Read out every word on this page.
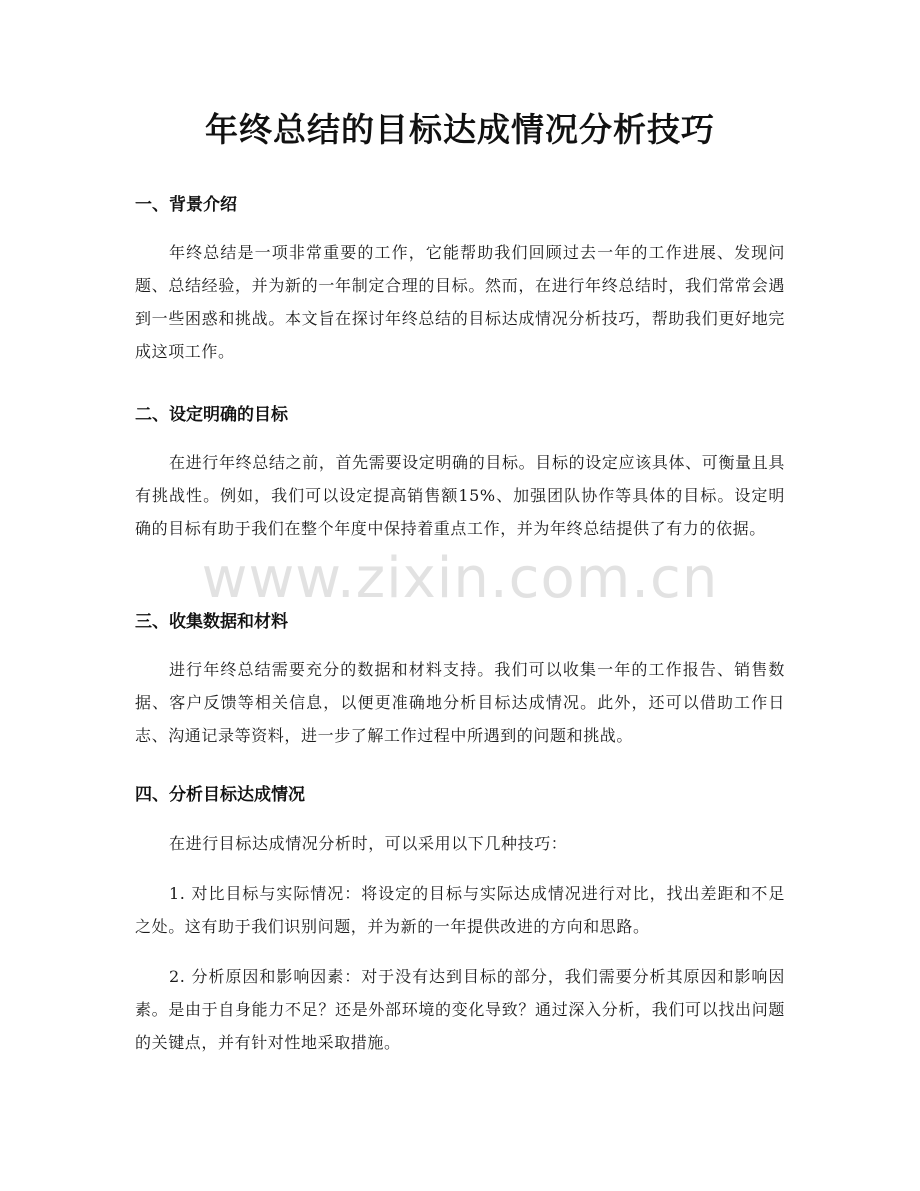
年终总结的目标达成情况分析技巧
一、背景介绍

年终总结是一项非常重要的工作，它能帮助我们回顾过去一年的工作进展、发现问题、总结经验，并为新的一年制定合理的目标。然而，在进行年终总结时，我们常常会遇到一些困惑和挑战。本文旨在探讨年终总结的目标达成情况分析技巧，帮助我们更好地完成这项工作。

二、设定明确的目标

在进行年终总结之前，首先需要设定明确的目标。目标的设定应该具体、可衡量且具有挑战性。例如，我们可以设定提高销售额15%、加强团队协作等具体的目标。设定明确的目标有助于我们在整个年度中保持着重点工作，并为年终总结提供了有力的依据。

三、收集数据和材料

进行年终总结需要充分的数据和材料支持。我们可以收集一年的工作报告、销售数据、客户反馈等相关信息，以便更准确地分析目标达成情况。此外，还可以借助工作日志、沟通记录等资料，进一步了解工作过程中所遇到的问题和挑战。

四、分析目标达成情况

在进行目标达成情况分析时，可以采用以下几种技巧：

1. 对比目标与实际情况：将设定的目标与实际达成情况进行对比，找出差距和不足之处。这有助于我们识别问题，并为新的一年提供改进的方向和思路。

2. 分析原因和影响因素：对于没有达到目标的部分，我们需要分析其原因和影响因素。是由于自身能力不足？还是外部环境的变化导致？通过深入分析，我们可以找出问题的关键点，并有针对性地采取措施。

www.zixin.com.cn
